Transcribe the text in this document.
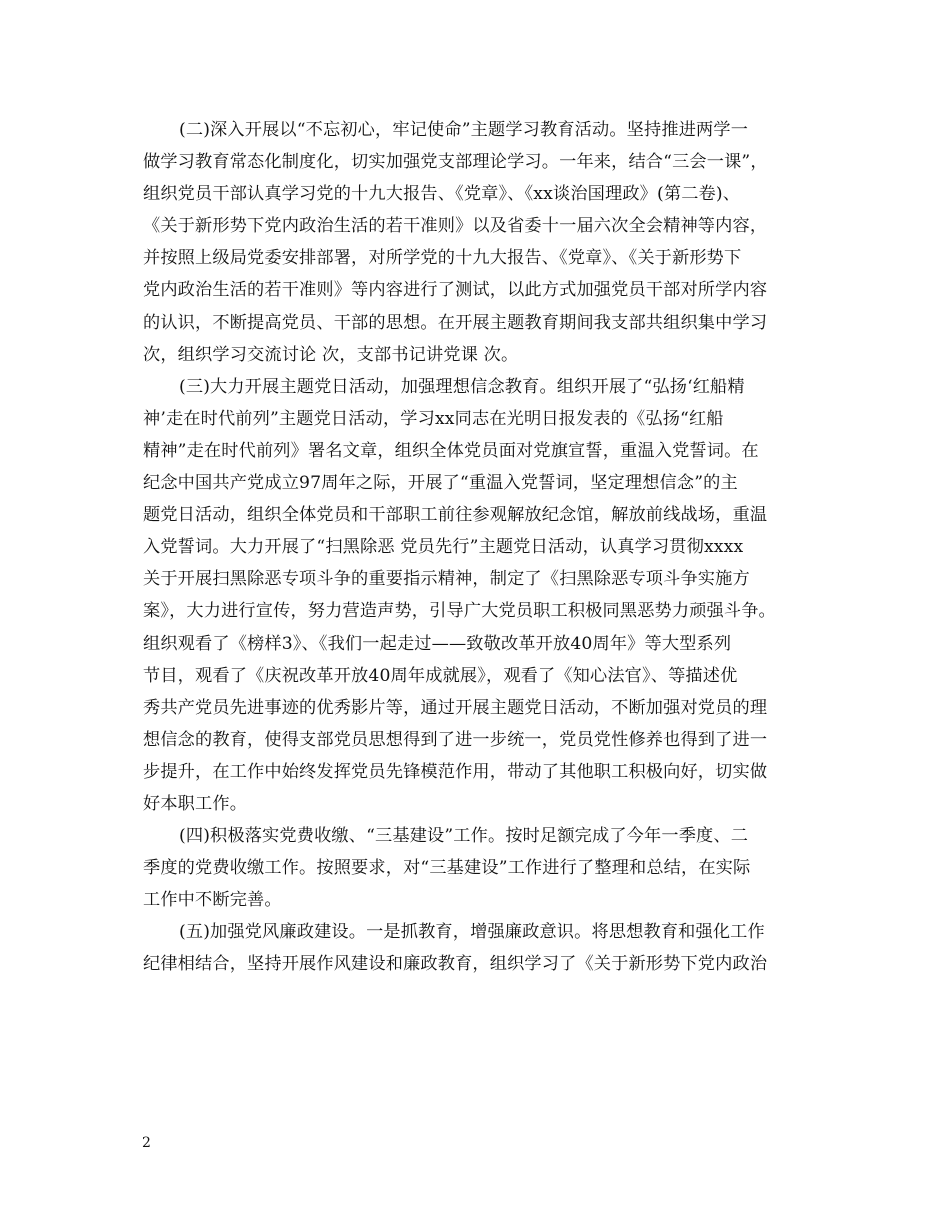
(二)深入开展以“不忘初心，牢记使命”主题学习教育活动。坚持推进两学一
做学习教育常态化制度化，切实加强党支部理论学习。一年来，结合“三会一课”，
组织党员干部认真学习党的十九大报告、《党章》、《xx谈治国理政》(第二卷)、
《关于新形势下党内政治生活的若干准则》以及省委十一届六次全会精神等内容，
并按照上级局党委安排部署，对所学党的十九大报告、《党章》、《关于新形势下
党内政治生活的若干准则》等内容进行了测试，以此方式加强党员干部对所学内容
的认识，不断提高党员、干部的思想。在开展主题教育期间我支部共组织集中学习
次，组织学习交流讨论 次，支部书记讲党课 次。
(三)大力开展主题党日活动，加强理想信念教育。组织开展了“弘扬‘红船精
神’走在时代前列”主题党日活动，学习xx同志在光明日报发表的《弘扬“红船
精神”走在时代前列》署名文章，组织全体党员面对党旗宣誓，重温入党誓词。在
纪念中国共产党成立97周年之际，开展了“重温入党誓词，坚定理想信念”的主
题党日活动，组织全体党员和干部职工前往参观解放纪念馆，解放前线战场，重温
入党誓词。大力开展了“扫黑除恶 党员先行”主题党日活动，认真学习贯彻xxxx
关于开展扫黑除恶专项斗争的重要指示精神，制定了《扫黑除恶专项斗争实施方
案》，大力进行宣传，努力营造声势，引导广大党员职工积极同黑恶势力顽强斗争。
组织观看了《榜样3》、《我们一起走过——致敬改革开放40周年》等大型系列
节目，观看了《庆祝改革开放40周年成就展》，观看了《知心法官》、等描述优
秀共产党员先进事迹的优秀影片等，通过开展主题党日活动，不断加强对党员的理
想信念的教育，使得支部党员思想得到了进一步统一，党员党性修养也得到了进一
步提升，在工作中始终发挥党员先锋模范作用，带动了其他职工积极向好，切实做
好本职工作。
(四)积极落实党费收缴、“三基建设”工作。按时足额完成了今年一季度、二
季度的党费收缴工作。按照要求，对“三基建设”工作进行了整理和总结，在实际
工作中不断完善。
(五)加强党风廉政建设。一是抓教育，增强廉政意识。将思想教育和强化工作
纪律相结合，坚持开展作风建设和廉政教育，组织学习了《关于新形势下党内政治
2
